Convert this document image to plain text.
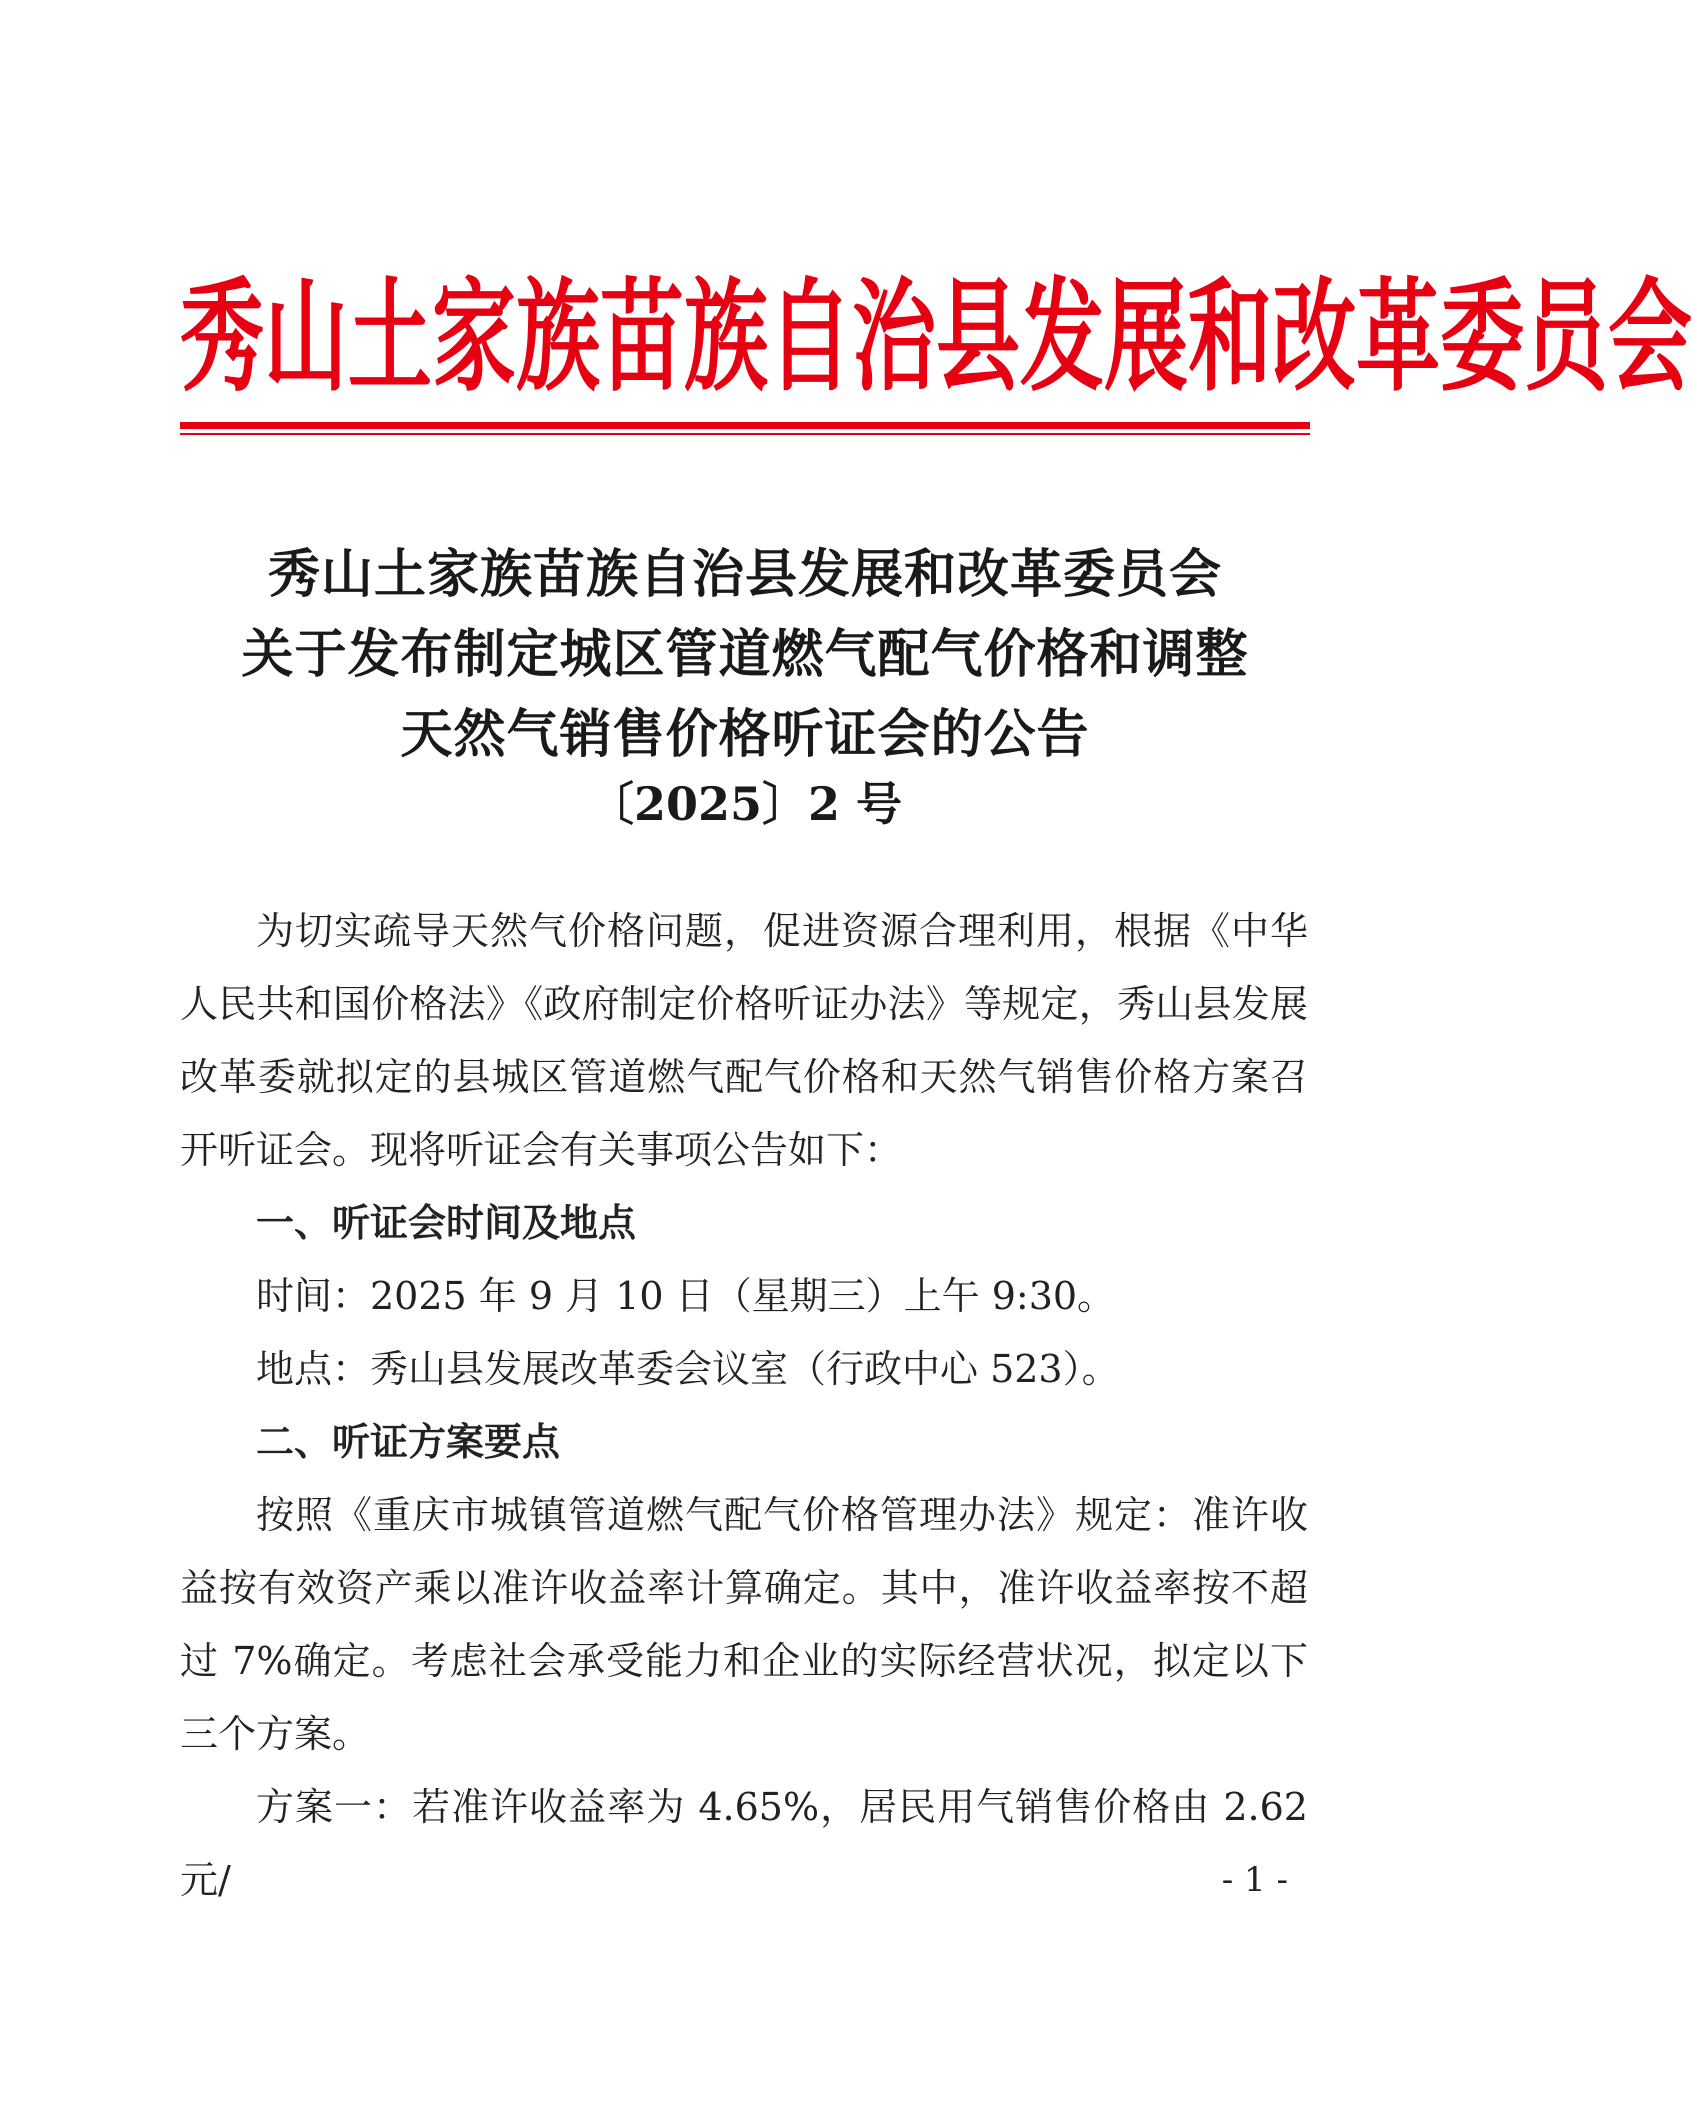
秀山土家族苗族自治县发展和改革委员会
秀山土家族苗族自治县发展和改革委员会
关于发布制定城区管道燃气配气价格和调整
天然气销售价格听证会的公告
〔2025〕2 号

为切实疏导天然气价格问题，促进资源合理利用，根据《中华人民共和国价格法》《政府制定价格听证办法》等规定，秀山县发展改革委就拟定的县城区管道燃气配气价格和天然气销售价格方案召开听证会。现将听证会有关事项公告如下：

一、听证会时间及地点

时间：2025 年 9 月 10 日（星期三）上午 9:30。

地点：秀山县发展改革委会议室（行政中心 523）。

二、听证方案要点

按照《重庆市城镇管道燃气配气价格管理办法》规定：准许收益按有效资产乘以准许收益率计算确定。其中，准许收益率按不超过 7%确定。考虑社会承受能力和企业的实际经营状况，拟定以下三个方案。

方案一：若准许收益率为 4.65%，居民用气销售价格由 2.62 元/	- 1 -
